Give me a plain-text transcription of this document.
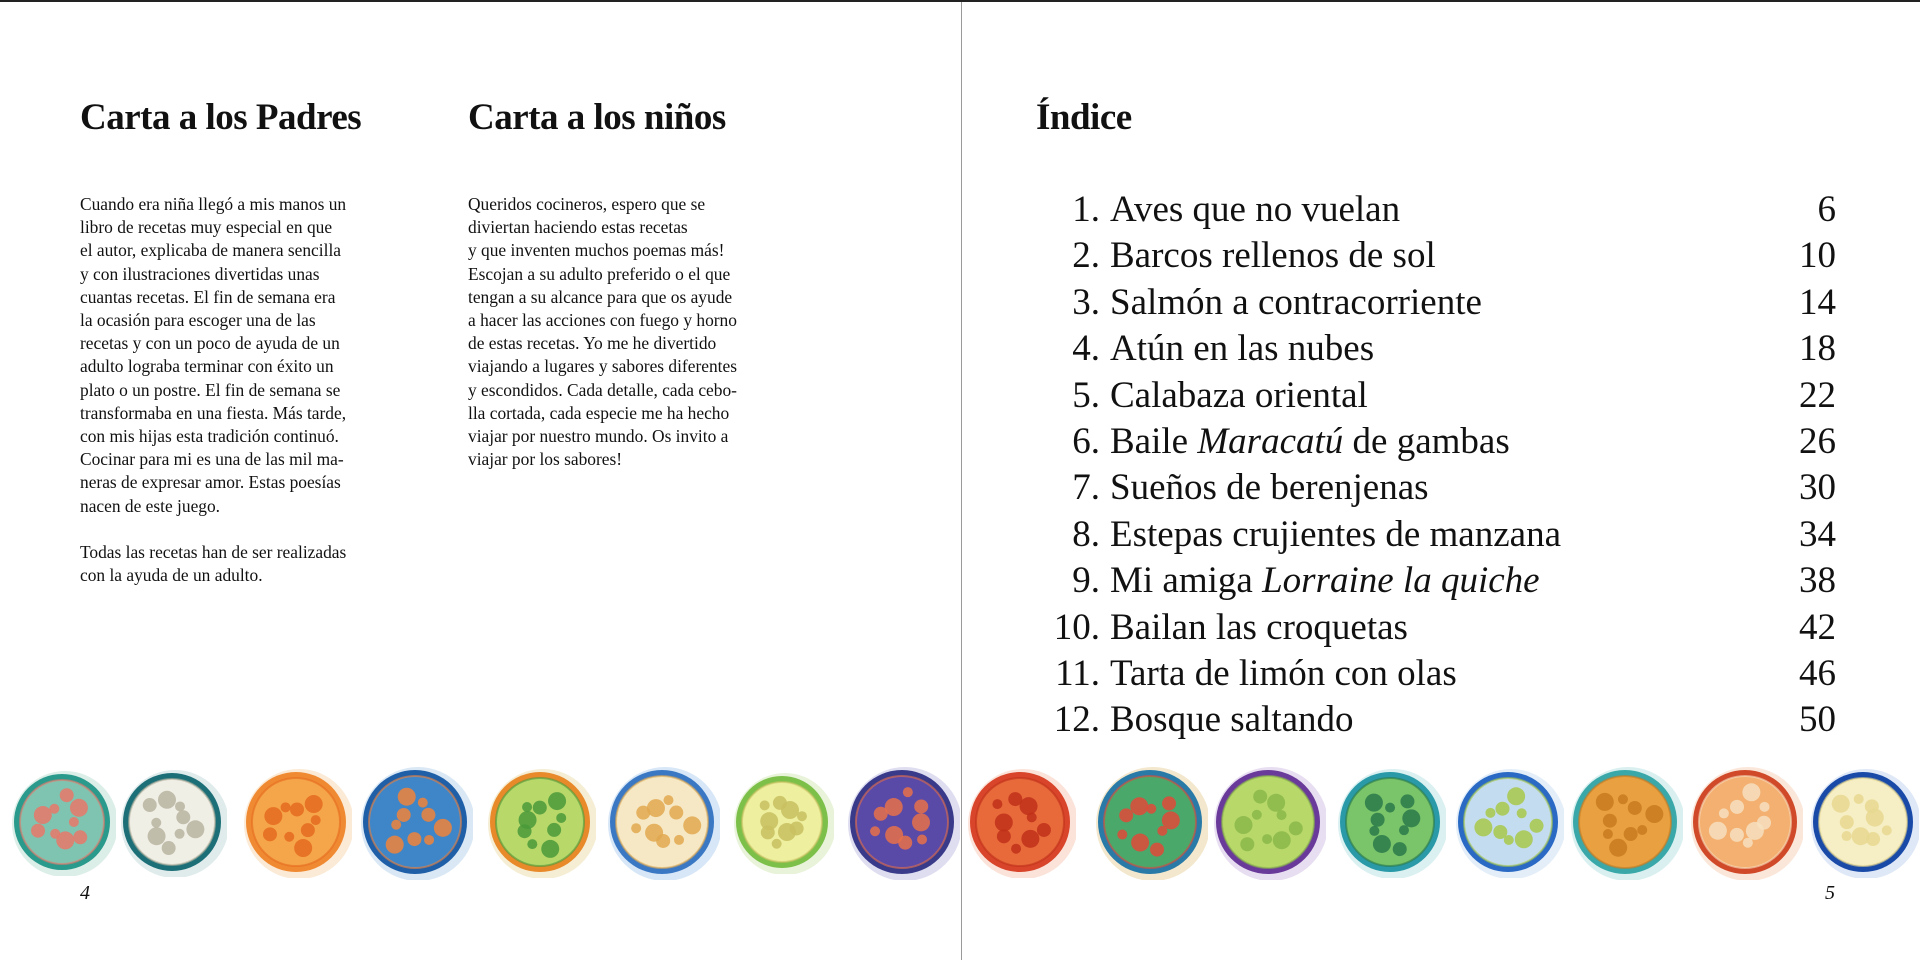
Carta a los Padres	Carta a los niños
Cuando era niña llegó a mis manos un
libro de recetas muy especial en que
el autor, explicaba de manera sencilla
y con ilustraciones divertidas unas
cuantas recetas. El fin de semana era
la ocasión para escoger una de las
recetas y con un poco de ayuda de un
adulto lograba terminar con éxito un
plato o un postre. El fin de semana se
transformaba en una fiesta. Más tarde,
con mis hijas esta tradición continuó.
Cocinar para mi es una de las mil ma-
neras de expresar amor. Estas poesías
nacen de este juego.
Todas las recetas han de ser realizadas
con la ayuda de un adulto.
Queridos cocineros, espero que se
diviertan haciendo estas recetas
y que inventen muchos poemas más!
Escojan a su adulto preferido o el que
tengan a su alcance para que os ayude
a hacer las acciones con fuego y horno
de estas recetas. Yo me he divertido
viajando a lugares y sabores diferentes
y escondidos. Cada detalle, cada cebo-
lla cortada, cada especie me ha hecho
viajar por nuestro mundo. Os invito a
viajar por los sabores!
Índice
1. Aves que no vuelan	6
2. Barcos rellenos de sol	10
3. Salmón a contracorriente	14
4. Atún en las nubes	18
5. Calabaza oriental	22
6. Baile Maracatú de gambas	26
7. Sueños de berenjenas	30
8. Estepas crujientes de manzana	34
9. Mi amiga Lorraine la quiche	38
10. Bailan las croquetas	42
11. Tarta de limón con olas	46
12. Bosque saltando	50
4	5
